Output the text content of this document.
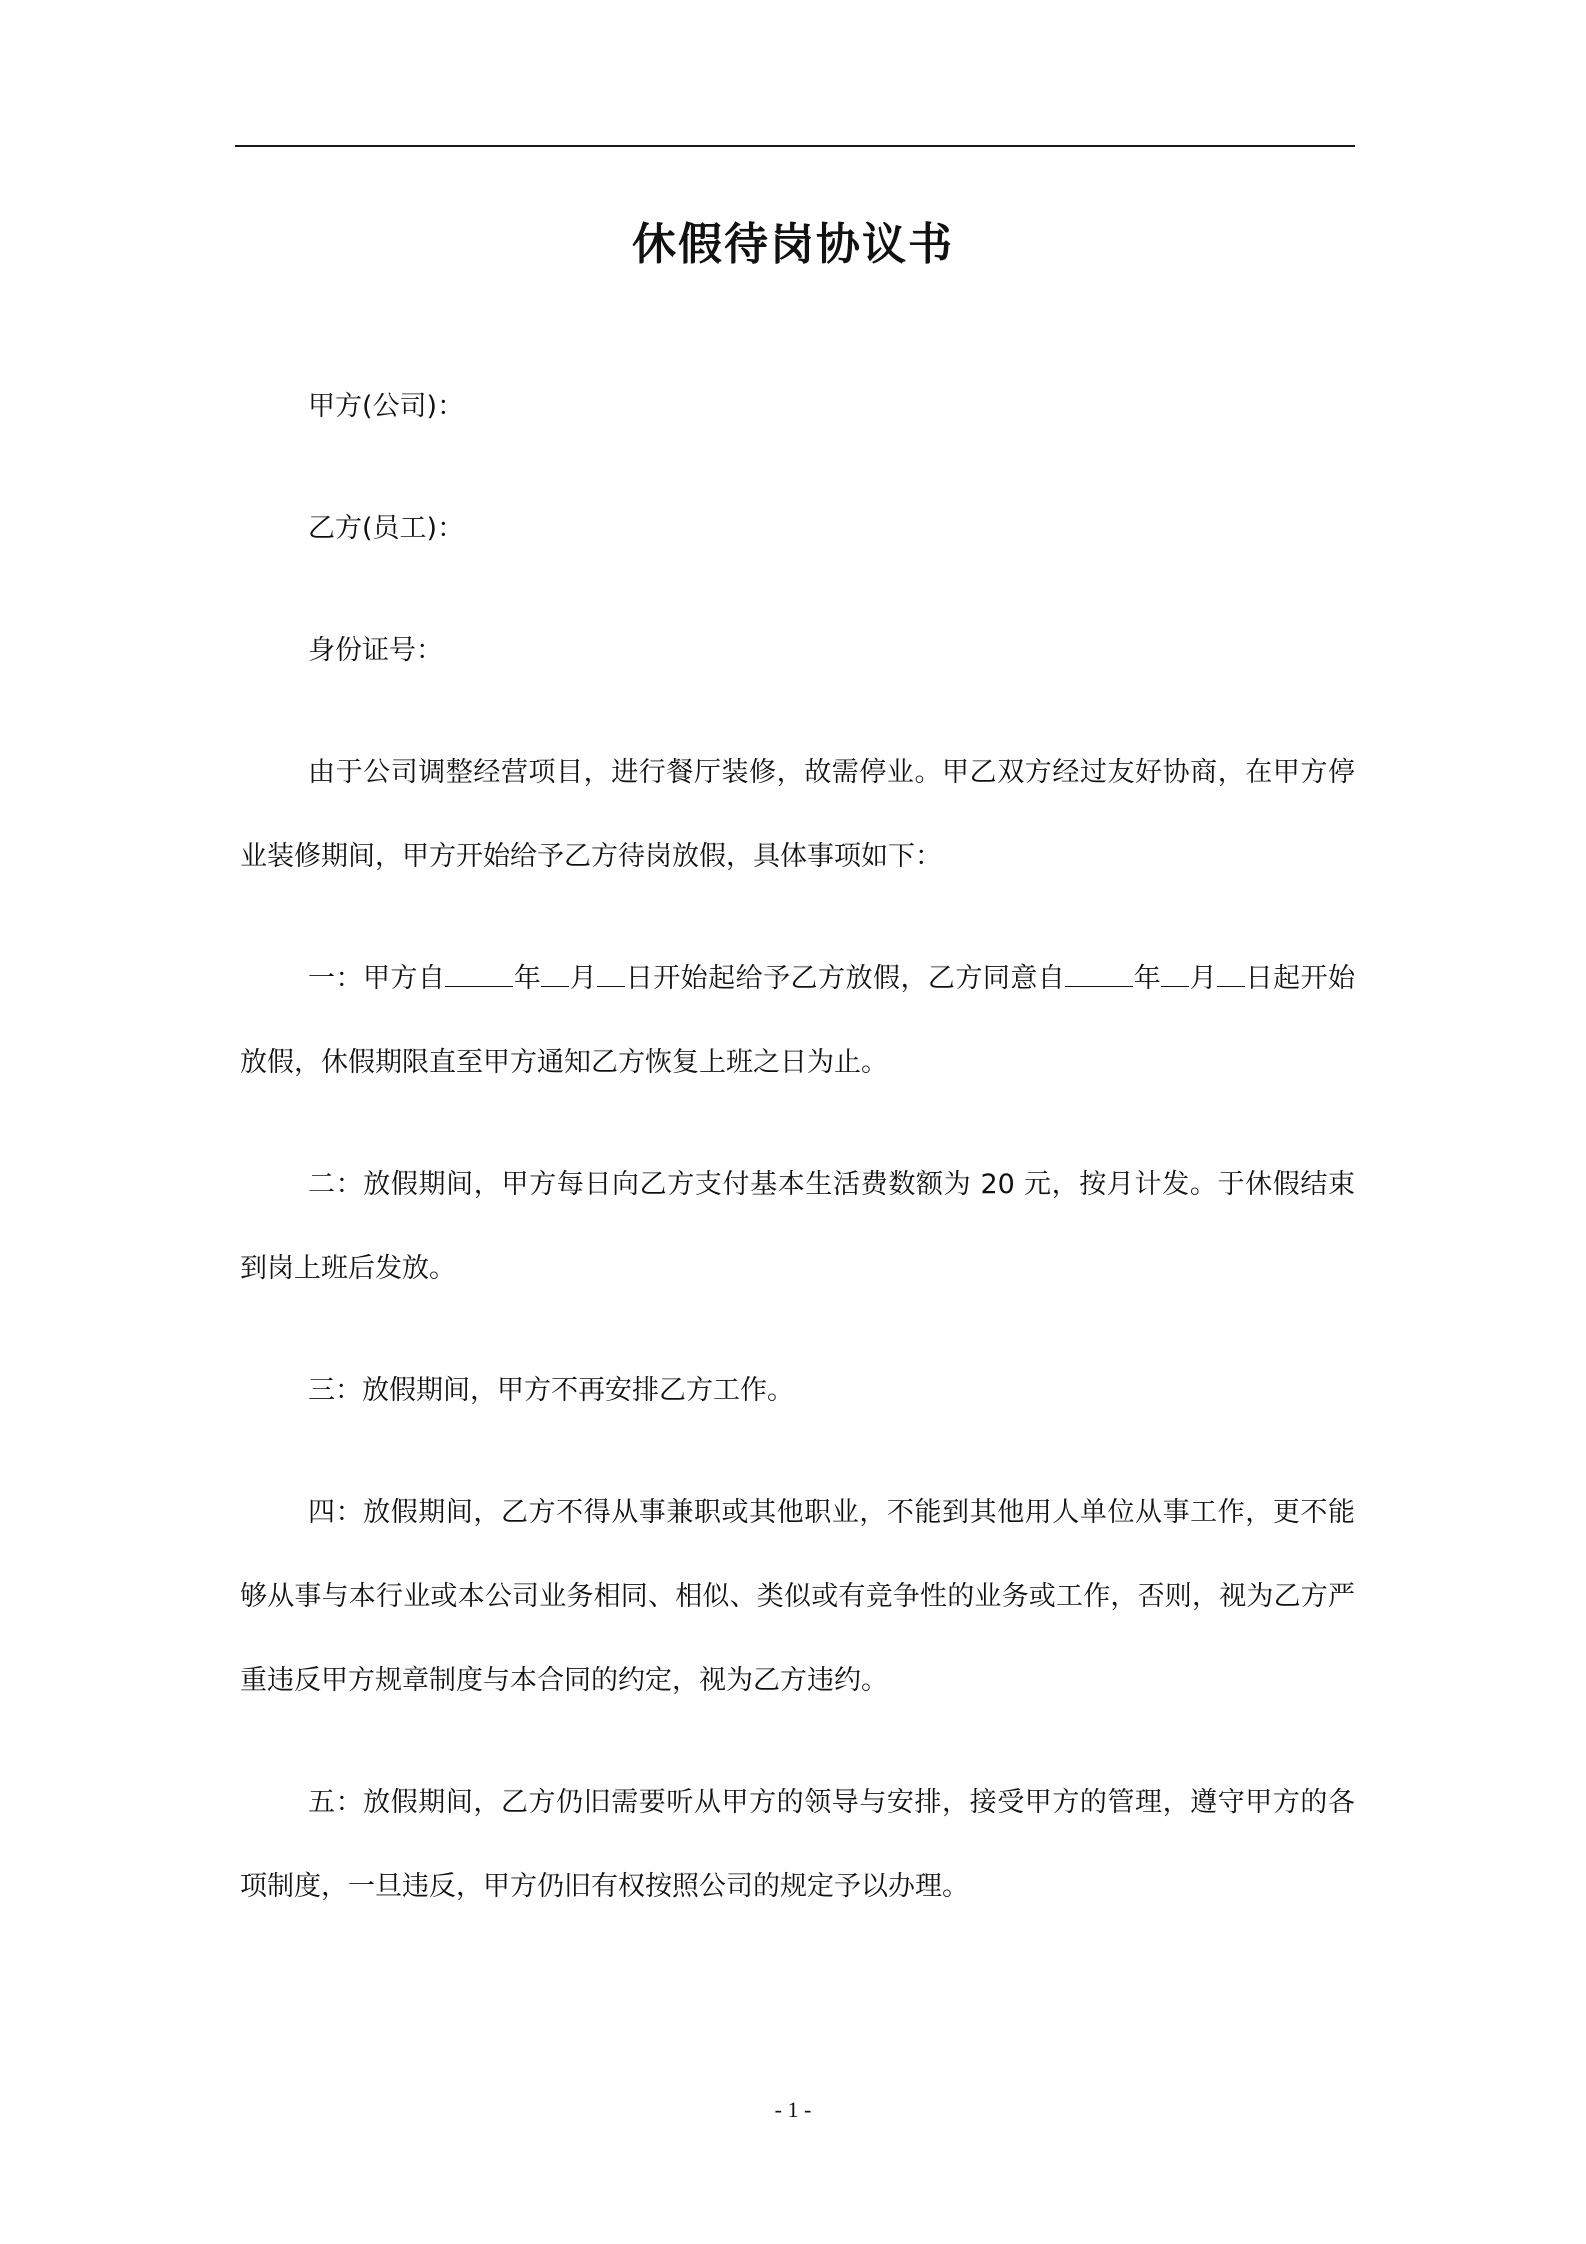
休假待岗协议书

甲方(公司)：

乙方(员工)：

身份证号：

由于公司调整经营项目，进行餐厅装修，故需停业。甲乙双方经过友好协商，在甲方停业装修期间，甲方开始给予乙方待岗放假，具体事项如下：

一：甲方自	年 月 日开始起给予乙方放假，乙方同意自	年 月 日起开始放假，休假期限直至甲方通知乙方恢复上班之日为止。

二：放假期间，甲方每日向乙方支付基本生活费数额为 20 元，按月计发。于休假结束到岗上班后发放。

三：放假期间，甲方不再安排乙方工作。

四：放假期间，乙方不得从事兼职或其他职业，不能到其他用人单位从事工作，更不能够从事与本行业或本公司业务相同、相似、类似或有竞争性的业务或工作，否则，视为乙方严重违反甲方规章制度与本合同的约定，视为乙方违约。

五：放假期间，乙方仍旧需要听从甲方的领导与安排，接受甲方的管理，遵守甲方的各项制度，一旦违反，甲方仍旧有权按照公司的规定予以办理。

- 1 -
